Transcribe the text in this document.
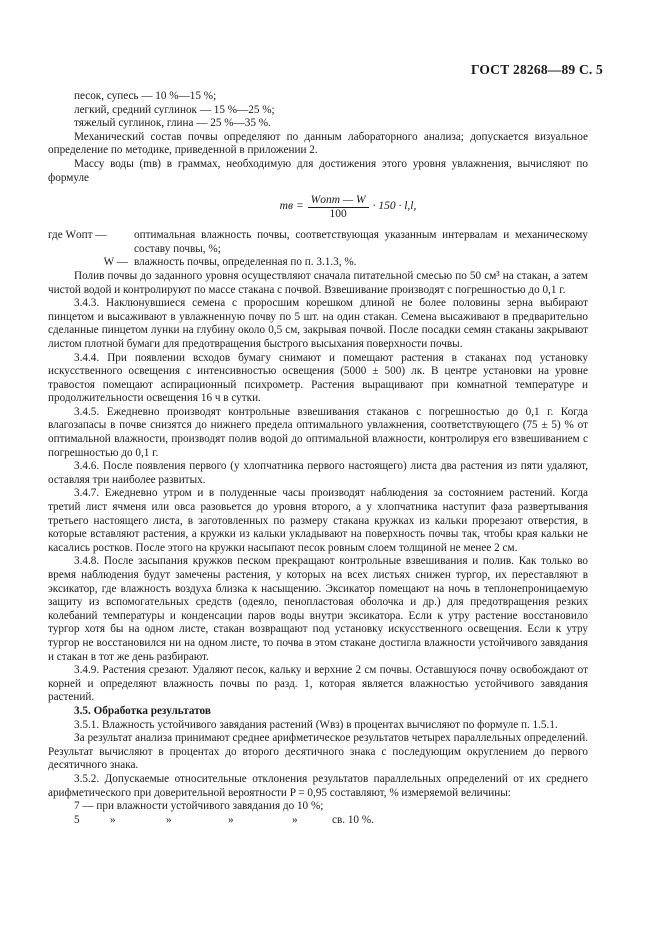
ГОСТ 28268—89 С. 5

песок, супесь — 10 %—15 %;

легкий, средний суглинок — 15 %—25 %;

тяжелый суглинок, глина — 25 %—35 %.

Механический состав почвы определяют по данным лабораторного анализа; допускается визуальное определение по методике, приведенной в приложении 2.

Массу воды (mв) в граммах, необходимую для достижения этого уровня увлажнения, вычисляют по формуле

mв = $\frac{\text{Wопт — W}}{100} \cdot 150 \cdot l,l$,
где Wопт —	оптимальная влажность почвы, соответствующая указанным интервалам и механическому составу почвы, %;
W — влажность почвы, определенная по п. 3.1.3, %.

Полив почвы до заданного уровня осуществляют сначала питательной смесью по 50 см³ на стакан, а затем чистой водой и контролируют по массе стакана с почвой. Взвешивание производят с погрешностью до 0,1 г.

3.4.3. Наклюнувшиеся семена с проросшим корешком длиной не более половины зерна выбирают пинцетом и высаживают в увлажненную почву по 5 шт. на один стакан. Семена высаживают в предварительно сделанные пинцетом лунки на глубину около 0,5 см, закрывая почвой. После посадки семян стаканы закрывают листом плотной бумаги для предотвращения быстрого высыхания поверхности почвы.

3.4.4. При появлении всходов бумагу снимают и помещают растения в стаканах под установку искусственного освещения с интенсивностью освещения (5000 ± 500) лк. В центре установки на уровне травостоя помещают аспирационный психрометр. Растения выращивают при комнатной температуре и продолжительности освещения 16 ч в сутки.

3.4.5. Ежедневно производят контрольные взвешивания стаканов с погрешностью до 0,1 г. Когда влагозапасы в почве снизятся до нижнего предела оптимального увлажнения, соответствующего (75 ± 5) % от оптимальной влажности, производят полив водой до оптимальной влажности, контролируя его взвешиванием с погрешностью до 0,1 г.

3.4.6. После появления первого (у хлопчатника первого настоящего) листа два растения из пяти удаляют, оставляя три наиболее развитых.

3.4.7. Ежедневно утром и в полуденные часы производят наблюдения за состоянием растений. Когда третий лист ячменя или овса разовьется до уровня второго, а у хлопчатника наступит фаза развертывания третьего настоящего листа, в заготовленных по размеру стакана кружках из кальки прорезают отверстия, в которые вставляют растения, а кружки из кальки укладывают на поверхность почвы так, чтобы края кальки не касались ростков. После этого на кружки насыпают песок ровным слоем толщиной не менее 2 см.

3.4.8. После засыпания кружков песком прекращают контрольные взвешивания и полив. Как только во время наблюдения будут замечены растения, у которых на всех листьях снижен тургор, их переставляют в эксикатор, где влажность воздуха близка к насыщению. Эксикатор помещают на ночь в теплонепроницаемую защиту из вспомогательных средств (одеяло, пенопластовая оболочка и др.) для предотвращения резких колебаний температуры и конденсации паров воды внутри эксикатора. Если к утру растение восстановило тургор хотя бы на одном листе, стакан возвращают под установку искусственного освещения. Если к утру тургор не восстановился ни на одном листе, то почва в этом стакане достигла влажности устойчивого завядания и стакан в тот же день разбирают.

3.4.9. Растения срезают. Удаляют песок, кальку и верхние 2 см почвы. Оставшуюся почву освобождают от корней и определяют влажность почвы по разд. 1, которая является влажностью устойчивого завядания растений.

3.5. Обработка результатов

3.5.1. Влажность устойчивого завядания растений (Wвз) в процентах вычисляют по формуле п. 1.5.1.

За результат анализа принимают среднее арифметическое результатов четырех параллельных определений. Результат вычисляют в процентах до второго десятичного знака с последующим округлением до первого десятичного знака.

3.5.2. Допускаемые относительные отклонения результатов параллельных определений от их среднего арифметического при доверительной вероятности P = 0,95 составляют, % измеряемой величины:

7 — при влажности устойчивого завядания до 10 %;

5	»	»	»	»	св. 10 %.
